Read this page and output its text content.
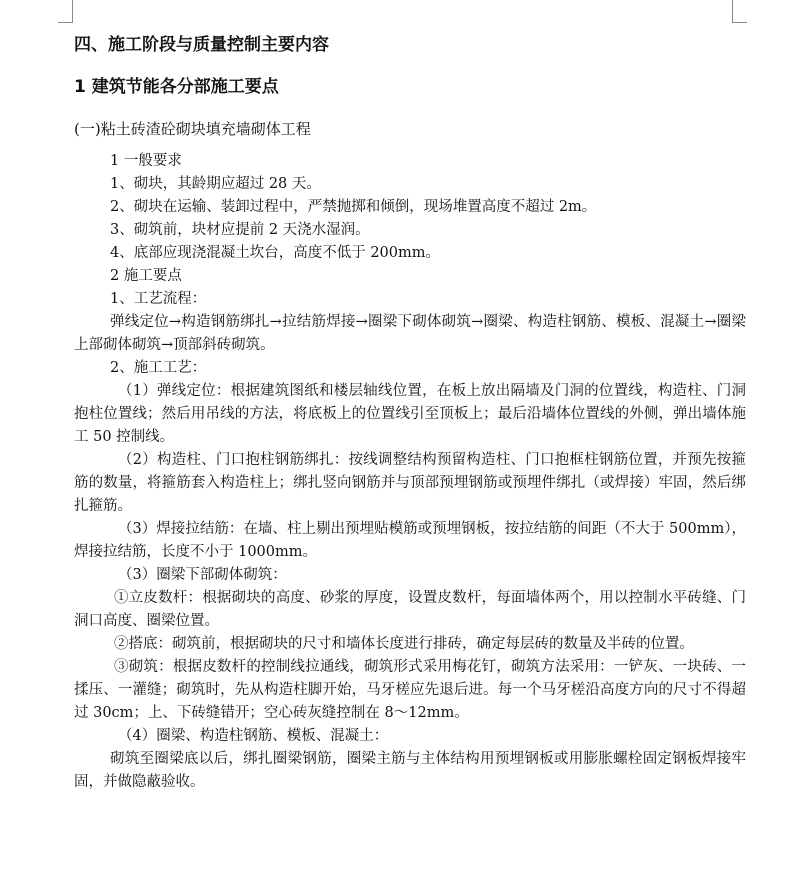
四、施工阶段与质量控制主要内容
1 建筑节能各分部施工要点
(一)粘土砖渣砼砌块填充墙砌体工程

1 一般要求

1、砌块，其龄期应超过 28 天。

2、砌块在运输、装卸过程中，严禁抛掷和倾倒，现场堆置高度不超过 2m。

3、砌筑前，块材应提前 2 天浇水湿润。

4、底部应现浇混凝土坎台，高度不低于 200mm。

2 施工要点

1、工艺流程：

弹线定位→构造钢筋绑扎→拉结筋焊接→圈梁下砌体砌筑→圈梁、构造柱钢筋、模板、混凝土→圈梁上部砌体砌筑→顶部斜砖砌筑。

2、施工工艺：

（1）弹线定位：根据建筑图纸和楼层轴线位置，在板上放出隔墙及门洞的位置线，构造柱、门洞抱柱位置线；然后用吊线的方法，将底板上的位置线引至顶板上；最后沿墙体位置线的外侧，弹出墙体施工 50 控制线。

（2）构造柱、门口抱柱钢筋绑扎：按线调整结构预留构造柱、门口抱框柱钢筋位置，并预先按箍筋的数量，将箍筋套入构造柱上；绑扎竖向钢筋并与顶部预埋钢筋或预埋件绑扎（或焊接）牢固，然后绑扎箍筋。

（3）焊接拉结筋：在墙、柱上剔出预埋贴模筋或预埋钢板，按拉结筋的间距（不大于 500mm），焊接拉结筋，长度不小于 1000mm。

（3）圈梁下部砌体砌筑：

①立皮数杆：根据砌块的高度、砂浆的厚度，设置皮数杆，每面墙体两个，用以控制水平砖缝、门洞口高度、圈梁位置。

②搭底：砌筑前，根据砌块的尺寸和墙体长度进行排砖，确定每层砖的数量及半砖的位置。

③砌筑：根据皮数杆的控制线拉通线，砌筑形式采用梅花钉，砌筑方法采用：一铲灰、一块砖、一揉压、一灌缝；砌筑时，先从构造柱脚开始，马牙槎应先退后进。每一个马牙槎沿高度方向的尺寸不得超过 30cm；上、下砖缝错开；空心砖灰缝控制在 8～12mm。

（4）圈梁、构造柱钢筋、模板、混凝土：

砌筑至圈梁底以后，绑扎圈梁钢筋，圈梁主筋与主体结构用预埋钢板或用膨胀螺栓固定钢板焊接牢固，并做隐蔽验收。
